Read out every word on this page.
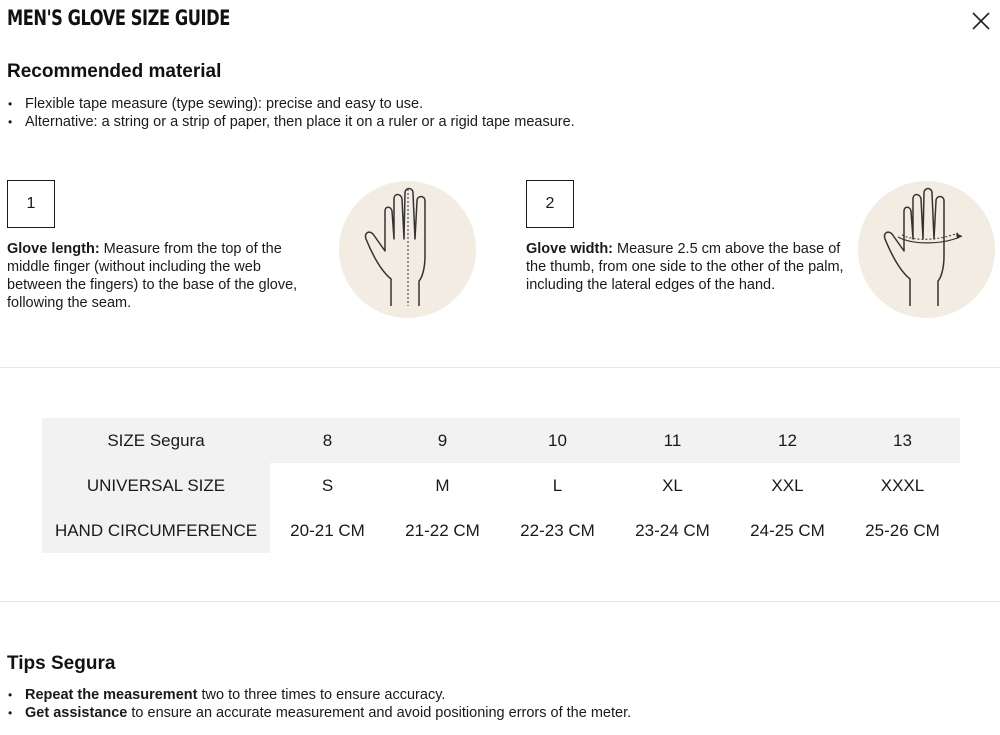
MEN'S GLOVE SIZE GUIDE
Recommended material
• Flexible tape measure (type sewing): precise and easy to use.
• Alternative: a string or a strip of paper, then place it on a ruler or a rigid tape measure.
1
Glove length: Measure from the top of the middle finger (without including the web between the fingers) to the base of the glove, following the seam.
2
Glove width: Measure 2.5 cm above the base of the thumb, from one side to the other of the palm, including the lateral edges of the hand.
SIZE Segura	8	9	10	11	12	13
UNIVERSAL SIZE	S	M	L	XL	XXL	XXXL
HAND CIRCUMFERENCE	20-21 CM	21-22 CM	22-23 CM	23-24 CM	24-25 CM	25-26 CM
Tips Segura
• Repeat the measurement two to three times to ensure accuracy.
• Get assistance to ensure an accurate measurement and avoid positioning errors of the meter.
